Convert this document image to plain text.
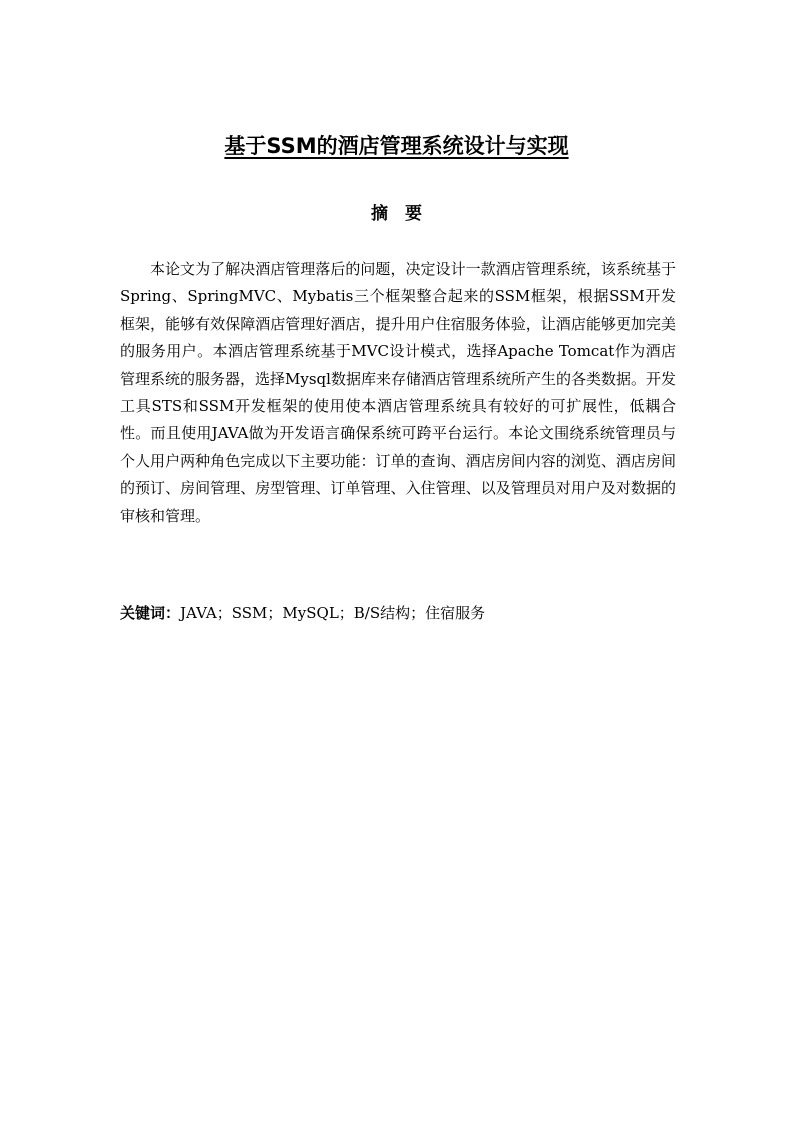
基于SSM的酒店管理系统设计与实现
摘　要

本论文为了解决酒店管理落后的问题，决定设计一款酒店管理系统，该系统基于Spring、SpringMVC、Mybatis三个框架整合起来的SSM框架，根据SSM开发框架，能够有效保障酒店管理好酒店，提升用户住宿服务体验，让酒店能够更加完美的服务用户。本酒店管理系统基于MVC设计模式，选择Apache Tomcat作为酒店管理系统的服务器，选择Mysql数据库来存储酒店管理系统所产生的各类数据。开发工具STS和SSM开发框架的使用使本酒店管理系统具有较好的可扩展性，低耦合性。而且使用JAVA做为开发语言确保系统可跨平台运行。本论文围绕系统管理员与个人用户两种角色完成以下主要功能：订单的查询、酒店房间内容的浏览、酒店房间的预订、房间管理、房型管理、订单管理、入住管理、以及管理员对用户及对数据的审核和管理。

关键词：JAVA；SSM；MySQL；B/S结构；住宿服务
